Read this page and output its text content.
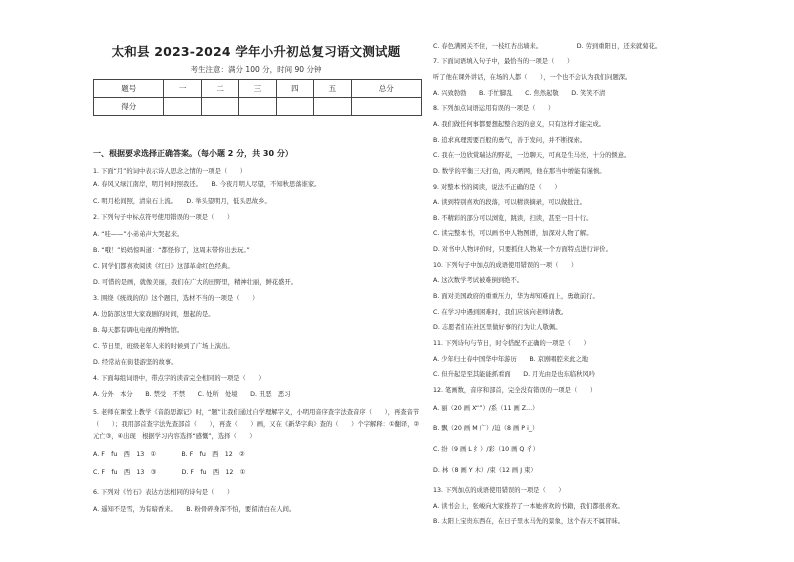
太和县 2023-2024 学年小升初总复习语文测试题
考生注意：满分 100 分，时间 90 分钟
题号	一	二	三	四	五	总分
得分						
一、根据要求选择正确答案。（每小题 2 分，共 30 分）
1. 下面“月”的词中表示诗人思念之情的一项是（　　）
A. 春风又绿江南岸，明月何时照我还。　　B. 今夜月明人尽望，不知秋思落谁家。
C. 明月松间照，清泉石上流。　　D. 举头望明月，低头思故乡。
2. 下列句子中标点符号使用错误的一项是（　　）
A. “哇——”小弟弟声大哭起来。
B. “哦！”妈妈惊叫道：“都怪你了，这周末带你出去玩。”
C. 同学们都喜欢阅读《红日》这部革命红色经典。
D. 可惜的是画，就像美丽，我们在广大的田野里，精神壮丽，鲜花盛开。
3. 围绕《统战的的》这个题目，选材不当的一项是（　　）
A. 边防部这里大家戏剧的时间，想起的是。
B. 每天都有调电电视的博物馆。
C. 节日里，班级老年人来的时候到了广场上演出。
D. 经常站在街巷游坚的故事。
4. 下面每组词语中，带点字的读音完全相同的一项是（　　）
A. 分外　本分　　B. 禁受　不禁　　C. 处所　处境　　D. 丑恶　恶习
5. 老师在课堂上教学《音韵思源记》时，“题”让我们通过自学理解字义，小明用音序查字法查音序（　　），再查音节（　　）；我用部首查字法先查部首（　　），再查（　　）画，又在《新华字典》查的（　　）个字解释：①翻译，②元亡③，④出现　根据学习内容选择“感慨”，选择（　　）
A. F　fu　西　13　①　　　　B. F　fu　西　12　②
C. F　fu　西　13　③　　　　D. F　fu　西　12　①
6. 下列对《竹石》表达方法相同的诗句是（　　）
A. 遥知不是雪，为有暗香来。　　B. 粉骨碎身浑不怕，要留清白在人间。
C. 春色满园关不住，一枝红杏出墙来。　　　　　　D. 劳到重阳日，还来就菊花。
7. 下面词语填入句子中，最恰当的一项是（　　）
听了他在课外讲话，在场的人都（　　），一个也不会认为我们问题深。
A. 兴致勃勃　　B. 手忙脚乱　　C. 焦然起敬　　D. 笑笑不清
8. 下列加点词语运用有误的一项是（　　）
A. 我们做任何事都要想起整合迟的意义，只有这样才能完成。
B. 追求真理需要百般的勇气，善于发问，并不断探索。
C. 我在一边欣赏瑞达的野花，一边聊天，可真是生马亮，十分的惬意。
D. 数学的平衡三天打鱼，两天晒网，他在那当中增能有谨慎。
9. 对整本书的阅读，说法不正确的是（　　）
A. 读到特别喜欢的段落，可以精读摘录，可以做批注。
B. 不精彩的部分可以浏览，跳读，扫读，甚至一目十行。
C. 读完整本书，可以画书中人物图谱，加深对人物了解。
D. 对书中人物评价时，只要抓住人物某一个方面特点进行评价。
10. 下列句子中加点的成语使用错误的一项（　　）
A. 这次数学考试被难倒到绝不。
B. 面对美国政府的重重压力，华为却知难而上，勇敢前行。
C. 在学习中遇到困难时，我们应该向老师请教。
D. 志愿者们在社区里做好事的行为让人敬佩。
11. 下列诗句与节日，时令搭配不正确的一项是（　　）
A. 少年归士春中国华中年游历　　B. 京剧唱腔来此之地
C. 但升起是至其能能抓看面　　D. 月光由是也东临秋风吟
12. 笔画数，音序和部首，完全没有错误的一项是（　　）
A. 丽（20 画 X“”）/系（11 画 Z...）
B. 飘（20 画 M 广）/迫（8 画 P i_）
C. 纷（9 画 L 纟）/彩（10 画 Q 彳）
D. 林（8 画 Y 木）/束（12 画 J 束）
13. 下列加点的成语使用错误的一项是（　　）
A. 读书会上，张峻向大家推荐了一本她喜欢的书籍，我们都很喜欢。
B. 太阳上宝贵东西在，在日子里永马先的景象，这个春天不属冒昧。
